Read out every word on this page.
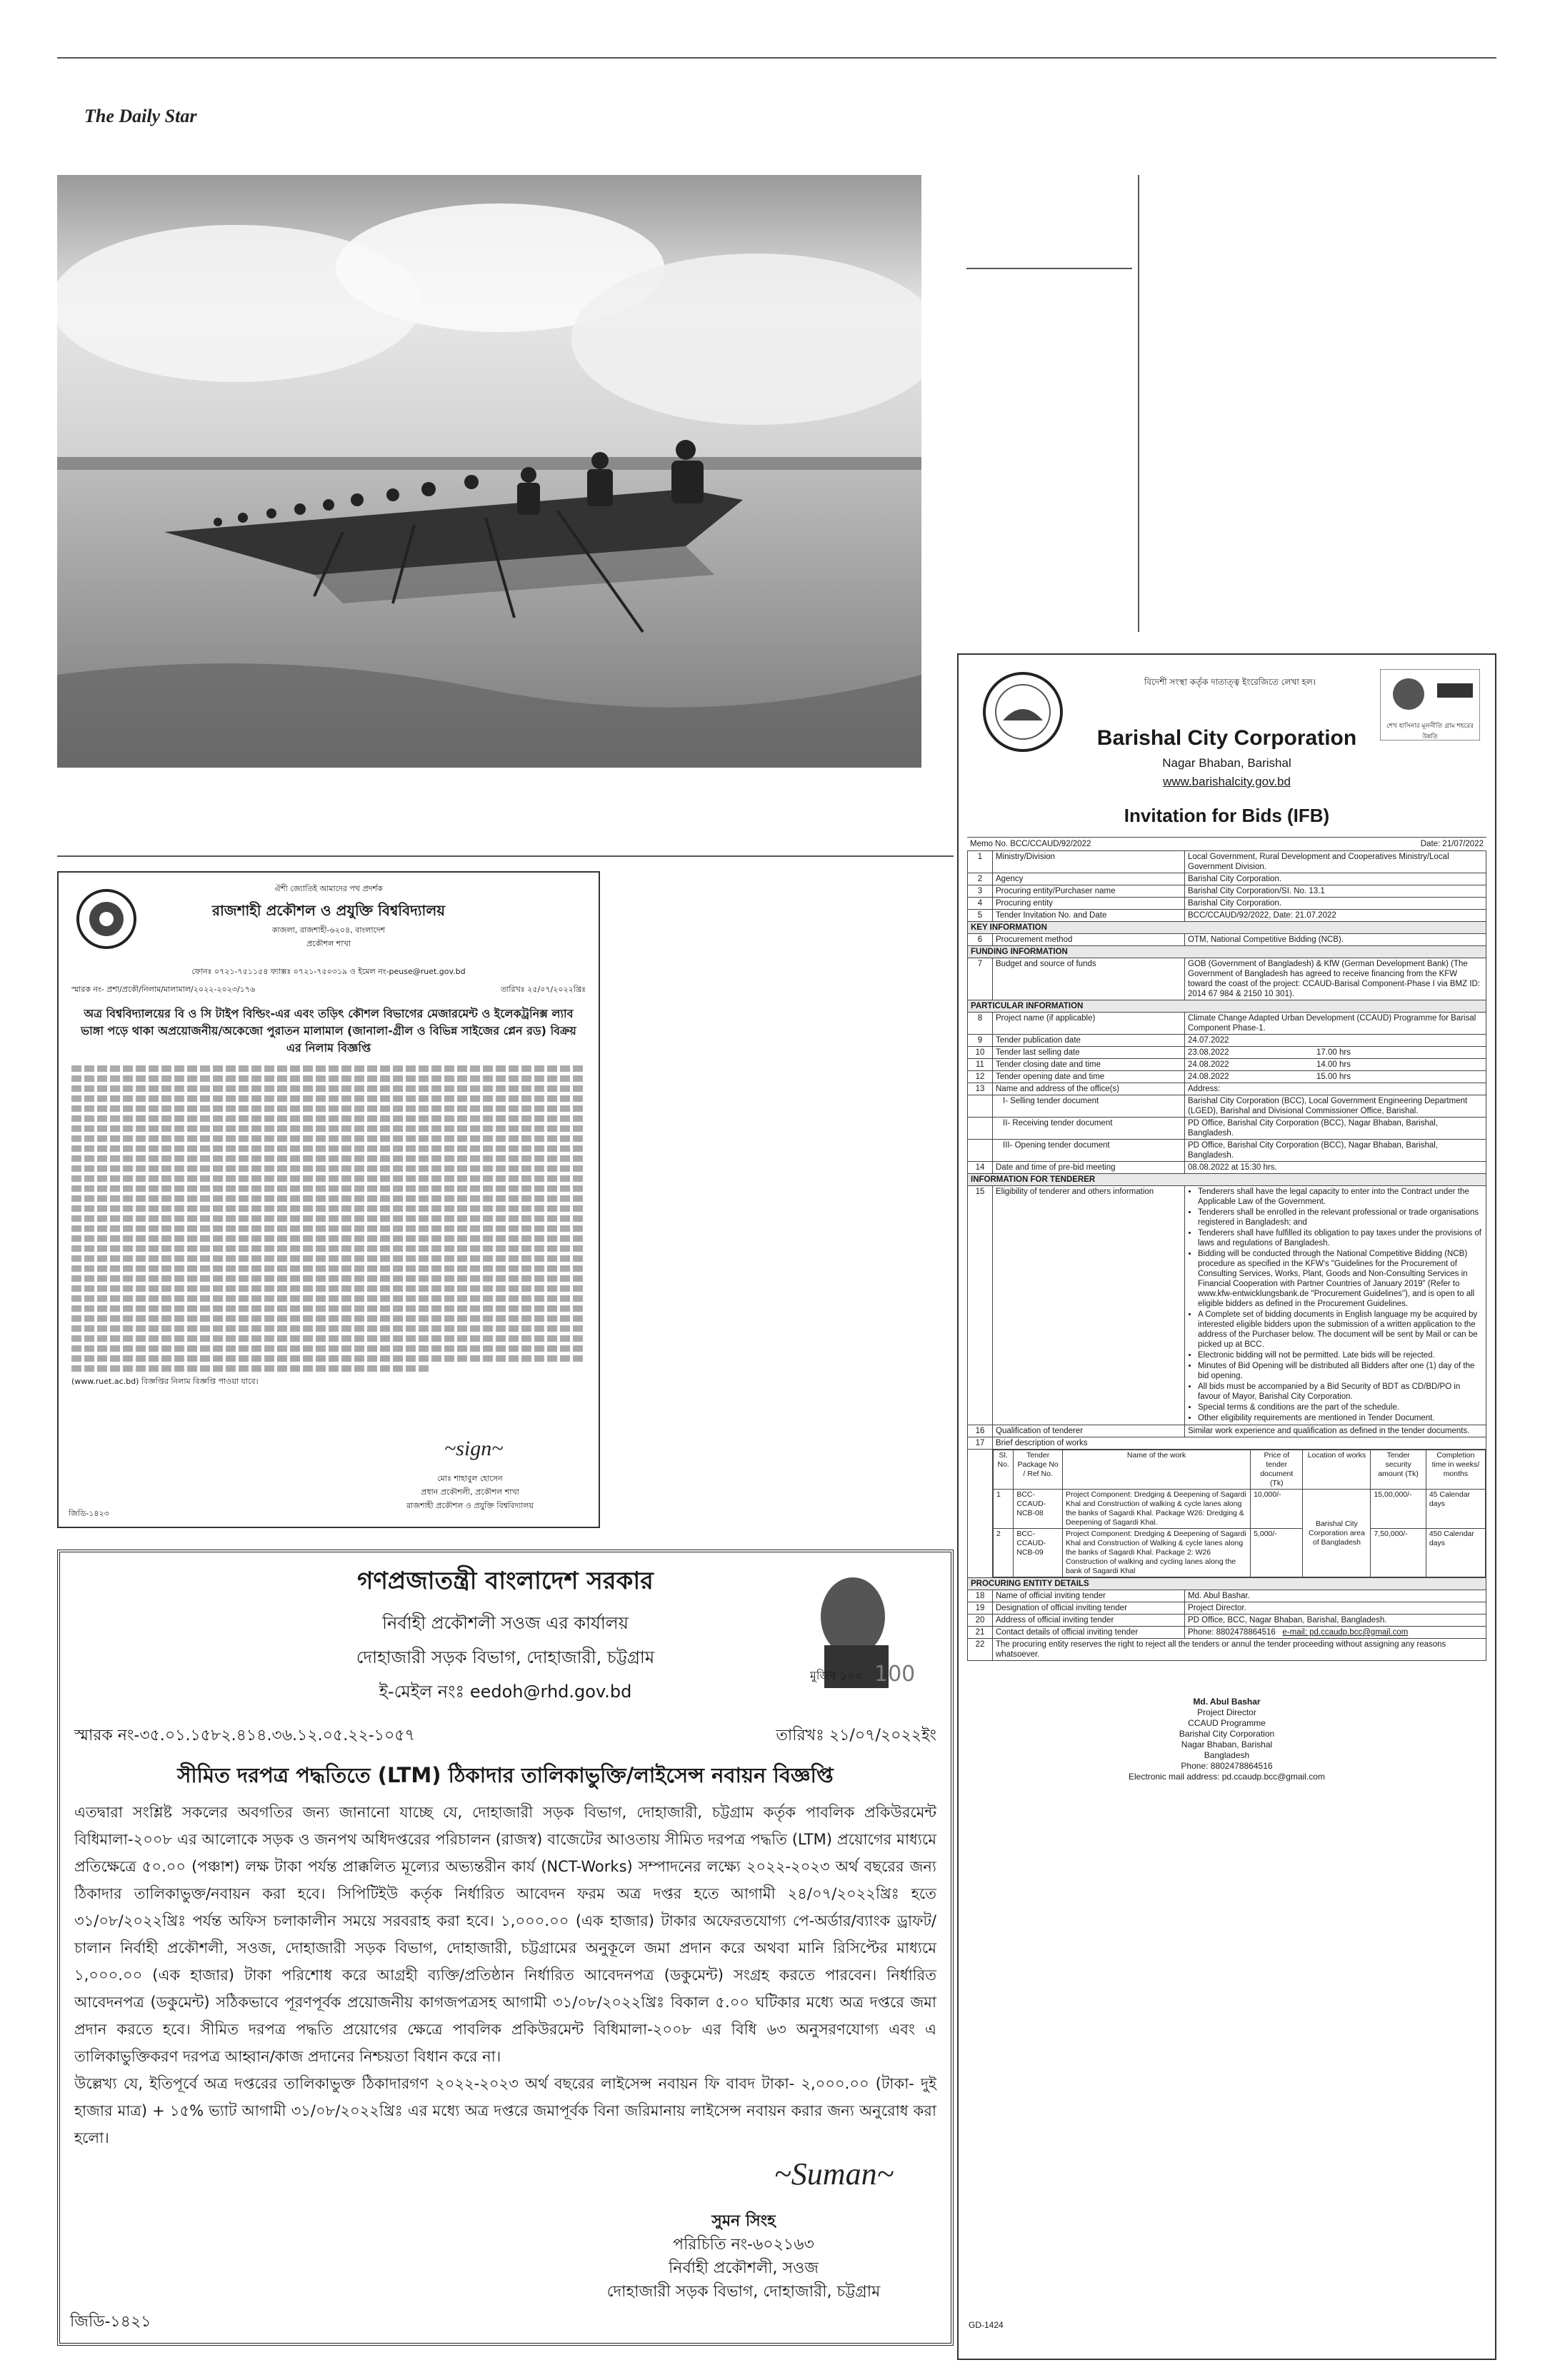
The Daily Star
ঐশী জ্যোতিই আমাদের পথ প্রদর্শক
রাজশাহী প্রকৌশল ও প্রযুক্তি বিশ্ববিদ্যালয়
কাজলা, রাজশাহী-৬২০৪, বাংলাদেশ
প্রকৌশল শাখা
ফোনঃ ০৭২১-৭৫১১৫৪ ফ্যাক্সঃ ০৭২১-৭৫০৩১৯ ও ইমেল নং-peuse@ruet.gov.bd
স্মারক নং- প্রশা/প্রকৌ/নিলাম/মালামাল/২০২২-২০২৩/১৭৬	তারিখঃ ২৫/০৭/২০২২খ্রিঃ
অত্র বিশ্ববিদ্যালয়ের বি ও সি টাইপ বিল্ডিং-এর এবং তড়িৎ কৌশল বিভাগের মেজারমেন্ট ও ইলেকট্রনিক্স ল্যাব ভাঙ্গা পড়ে থাকা অপ্রয়োজনীয়/অকেজো পুরাতন মালামাল (জানালা-গ্রীল ও বিভিন্ন সাইজের প্লেন রড) বিক্রয় এর নিলাম বিজ্ঞপ্তি
(www.ruet.ac.bd) বিজ্ঞপ্তির নিলাম বিজ্ঞপ্তি পাওয়া যাবে।
~sign~
মোঃ শাহাবুল হোসেন
প্রধান প্রকৌশলী, প্রকৌশল শাখা
রাজশাহী প্রকৌশল ও প্রযুক্তি বিশ্ববিদ্যালয়
জিডি-১৪২৩

গণপ্রজাতন্ত্রী বাংলাদেশ সরকার

নির্বাহী প্রকৌশলী সওজ এর কার্যালয়

দোহাজারী সড়ক বিভাগ, দোহাজারী, চট্টগ্রাম

ই-মেইল নংঃ eedoh@rhd.gov.bd

100
মুজিব ১০০
স্মারক নং-৩৫.০১.১৫৮২.৪১৪.৩৬.১২.০৫.২২-১০৫৭	তারিখঃ ২১/০৭/২০২২ইং

সীমিত দরপত্র পদ্ধতিতে (LTM) ঠিকাদার তালিকাভুক্তি/লাইসেন্স নবায়ন বিজ্ঞপ্তি

এতদ্বারা সংশ্লিষ্ট সকলের অবগতির জন্য জানানো যাচ্ছে যে, দোহাজারী সড়ক বিভাগ, দোহাজারী, চট্টগ্রাম কর্তৃক পাবলিক প্রকিউরমেন্ট বিধিমালা-২০০৮ এর আলোকে সড়ক ও জনপথ অধিদপ্তরের পরিচালন (রাজস্ব) বাজেটের আওতায় সীমিত দরপত্র পদ্ধতি (LTM) প্রয়োগের মাধ্যমে প্রতিক্ষেত্রে ৫০.০০ (পঞ্চাশ) লক্ষ টাকা পর্যন্ত প্রাক্কলিত মূল্যের অভ্যন্তরীন কার্য (NCT-Works) সম্পাদনের লক্ষ্যে ২০২২-২০২৩ অর্থ বছরের জন্য ঠিকাদার তালিকাভুক্ত/নবায়ন করা হবে। সিপিটিইউ কর্তৃক নির্ধারিত আবেদন ফরম অত্র দপ্তর হতে আগামী ২৪/০৭/২০২২খ্রিঃ হতে ৩১/০৮/২০২২খ্রিঃ পর্যন্ত অফিস চলাকালীন সময়ে সরবরাহ করা হবে। ১,০০০.০০ (এক হাজার) টাকার অফেরতযোগ্য পে-অর্ডার/ব্যাংক ড্রাফট/চালান নির্বাহী প্রকৌশলী, সওজ, দোহাজারী সড়ক বিভাগ, দোহাজারী, চট্টগ্রামের অনুকূলে জমা প্রদান করে অথবা মানি রিসিপ্টের মাধ্যমে ১,০০০.০০ (এক হাজার) টাকা পরিশোধ করে আগ্রহী ব্যক্তি/প্রতিষ্ঠান নির্ধারিত আবেদনপত্র (ডকুমেন্ট) সংগ্রহ করতে পারবেন। নির্ধারিত আবেদনপত্র (ডকুমেন্ট) সঠিকভাবে পূরণপূর্বক প্রয়োজনীয় কাগজপত্রসহ আগামী ৩১/০৮/২০২২খ্রিঃ বিকাল ৫.০০ ঘটিকার মধ্যে অত্র দপ্তরে জমা প্রদান করতে হবে। সীমিত দরপত্র পদ্ধতি প্রয়োগের ক্ষেত্রে পাবলিক প্রকিউরমেন্ট বিধিমালা-২০০৮ এর বিধি ৬৩ অনুসরণযোগ্য এবং এ তালিকাভুক্তিকরণ দরপত্র আহ্বান/কাজ প্রদানের নিশ্চয়তা বিধান করে না।

উল্লেখ্য যে, ইতিপূর্বে অত্র দপ্তরের তালিকাভুক্ত ঠিকাদারগণ ২০২২-২০২৩ অর্থ বছরের লাইসেন্স নবায়ন ফি বাবদ টাকা- ২,০০০.০০ (টাকা- দুই হাজার মাত্র) + ১৫% ভ্যাট আগামী ৩১/০৮/২০২২খ্রিঃ এর মধ্যে অত্র দপ্তরে জমাপূর্বক বিনা জরিমানায় লাইসেন্স নবায়ন করার জন্য অনুরোধ করা হলো।

~Suman~
সুমন সিংহ
পরিচিতি নং-৬০২১৬৩
নির্বাহী প্রকৌশলী, সওজ
দোহাজারী সড়ক বিভাগ, দোহাজারী, চট্টগ্রাম
জিডি-১৪২১
বিদেশী সংস্থা কর্তৃক দাতাত্ত্ব ইংরেজিতে লেখা হল।
শেখ হাসিনার মূলনীতি গ্রাম শহরের উন্নতি
Barishal City Corporation
Nagar Bhaban, Barishal
www.barishalcity.gov.bd
Invitation for Bids (IFB)
Memo No. BCC/CCAUD/92/2022	Date: 21/07/2022
1	Ministry/Division	Local Government, Rural Development and Cooperatives Ministry/Local Government Division.
2	Agency	Barishal City Corporation.
3	Procuring entity/Purchaser name	Barishal City Corporation/SI. No. 13.1
4	Procuring entity	Barishal City Corporation.
5	Tender Invitation No. and Date	BCC/CCAUD/92/2022, Date: 21.07.2022
KEY INFORMATION
6	Procurement method	OTM, National Competitive Bidding (NCB).
FUNDING INFORMATION
7	Budget and source of funds	GOB (Government of Bangladesh) & KfW (German Development Bank) (The Government of Bangladesh has agreed to receive financing from the KFW toward the coast of the project: CCAUD-Barisal Component-Phase I via BMZ ID: 2014 67 984 & 2150 10 301).
PARTICULAR INFORMATION
8	Project name (if applicable)	Climate Change Adapted Urban Development (CCAUD) Programme for Barisal Component Phase-1.
9	Tender publication date	24.07.2022
10	Tender last selling date	23.08.2022	17.00 hrs
11	Tender closing date and time	24.08.2022	14.00 hrs
12	Tender opening date and time	24.08.2022	15.00 hrs
13	Name and address of the office(s)	Address:
	I- Selling tender document	Barishal City Corporation (BCC), Local Government Engineering Department (LGED), Barishal and Divisional Commissioner Office, Barishal.
	II- Receiving tender document	PD Office, Barishal City Corporation (BCC), Nagar Bhaban, Barishal, Bangladesh.
	III- Opening tender document	PD Office, Barishal City Corporation (BCC), Nagar Bhaban, Barishal, Bangladesh.
14	Date and time of pre-bid meeting	08.08.2022 at 15:30 hrs.
INFORMATION FOR TENDERER
15	Eligibility of tenderer and others information	
•Tenderers shall have the legal capacity to enter into the Contract under the Applicable Law of the Government.
• Tenderers shall be enrolled in the relevant professional or trade organisations registered in Bangladesh; and
• Tenderers shall have fulfilled its obligation to pay taxes under the provisions of laws and regulations of Bangladesh.
• Bidding will be conducted through the National Competitive Bidding (NCB) procedure as specified in the KFW's "Guidelines for the Procurement of Consulting Services, Works, Plant, Goods and Non-Consulting Services in Financial Cooperation with Partner Countries of January 2019" (Refer to www.kfw-entwicklungsbank.de "Procurement Guidelines"), and is open to all eligible bidders as defined in the Procurement Guidelines.
• A Complete set of bidding documents in English language my be acquired by interested eligible bidders upon the submission of a written application to the address of the Purchaser below. The document will be sent by Mail or can be picked up at BCC.
• Electronic bidding will not be permitted. Late bids will be rejected.
• Minutes of Bid Opening will be distributed all Bidders after one (1) day of the bid opening.
• All bids must be accompanied by a Bid Security of BDT as CD/BD/PO in favour of Mayor, Barishal City Corporation.
• Special terms & conditions are the part of the schedule.
• Other eligibility requirements are mentioned in Tender Document.

16	Qualification of tenderer	Similar work experience and qualification as defined in the tender documents.
17	Brief description of works

Sl. No.	Tender Package No / Ref No.	Name of the work	Price of tender document (Tk)	Location of works	Tender security amount (Tk)	Completion time in weeks/ months
1	BCC-CCAUD-NCB-08	Project Component: Dredging & Deepening of Sagardi Khal and Construction of walking & cycle lanes along the banks of Sagardi Khal. Package W26: Dredging & Deepening of Sagardi Khal.	10,000/-	Barishal City Corporation area of Bangladesh	15,00,000/-	45 Calendar days
2	BCC-CCAUD-NCB-09	Project Component: Dredging & Deepening of Sagardi Khal and Construction of Walking & cycle lanes along the banks of Sagardi Khal. Package 2: W26 Construction of walking and cycling lanes along the bank of Sagardi Khal	5,000/-	7,50,000/-	450 Calendar days

PROCURING ENTITY DETAILS
18	Name of official inviting tender	Md. Abul Bashar.
19	Designation of official inviting tender	Project Director.
20	Address of official inviting tender	PD Office, BCC, Nagar Bhaban, Barishal, Bangladesh.
21	Contact details of official inviting tender	Phone: 8802478864516 e-mail: pd.ccaudp.bcc@gmail.com
22	The procuring entity reserves the right to reject all the tenders or annul the tender proceeding without assigning any reasons whatsoever.
Md. Abul Bashar
Project Director
CCAUD Programme
Barishal City Corporation
Nagar Bhaban, Barishal
Bangladesh
Phone: 8802478864516
Electronic mail address: pd.ccaudp.bcc@gmail.com
GD-1424
